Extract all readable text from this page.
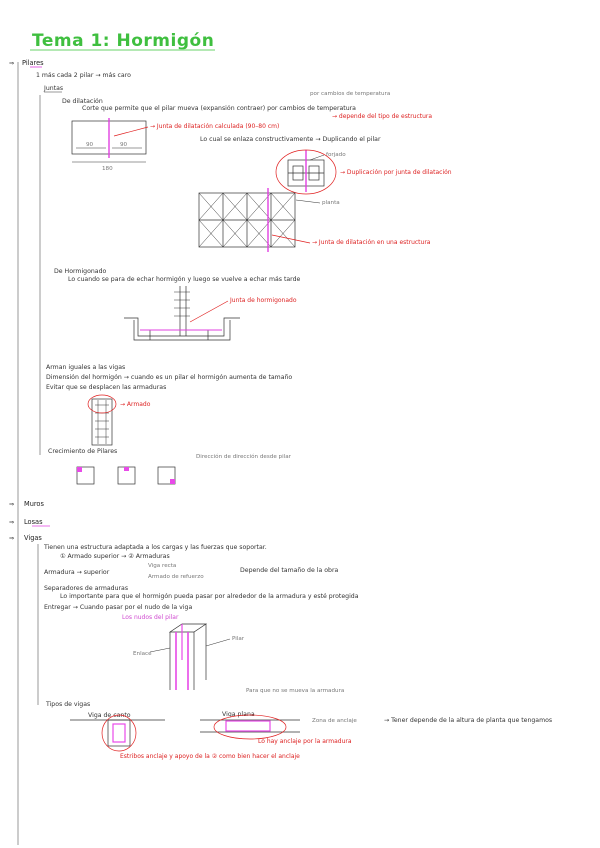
Tema 1: Hormigón
Pilares
⇒
1 más cada 2 pilar → más caro
Juntas
por cambios de temperatura
De dilatación
Corte que permite que el pilar mueva (expansión contraer) por cambios de temperatura
→ depende del tipo de estructura
90	90
180
→ Junta de dilatación calculada (90–80 cm)
Lo cual se enlaza constructivamente → Duplicando el pilar
forjado
→ Duplicación por junta de dilatación
planta
→ Junta de dilatación en una estructura
De Hormigonado
Lo cuando se para de echar hormigón y luego se vuelve a echar más tarde
Junta de hormigonado
Arman iguales a las vigas
Dimensión del hormigón → cuando es un pilar el hormigón aumenta de tamaño
Evitar que se desplacen las armaduras
→ Armado
Crecimiento de Pilares
Dirección de dirección desde pilar
⇒ Muros
⇒ Losas
⇒ Vigas
Tienen una estructura adaptada a los cargas y las fuerzas que soportar.
① Armado superior → ② Armaduras
Armadura → superior
Viga recta
Armado de refuerzo
Depende del tamaño de la obra
Separadores de armaduras
Lo importante para que el hormigón pueda pasar por alrededor de la armadura y esté protegida
Entregar → Cuando pasar por el nudo de la viga
Los nudos del pilar
Pilar
Enlace
Tipos de vigas
Para que no se mueva la armadura
Viga de canto
Estribos anclaje y apoyo de la ② como bien hacer el anclaje
Viga plana
Zona de anclaje
Lo hay anclaje por la armadura
→ Tener depende de la altura de planta que tengamos
